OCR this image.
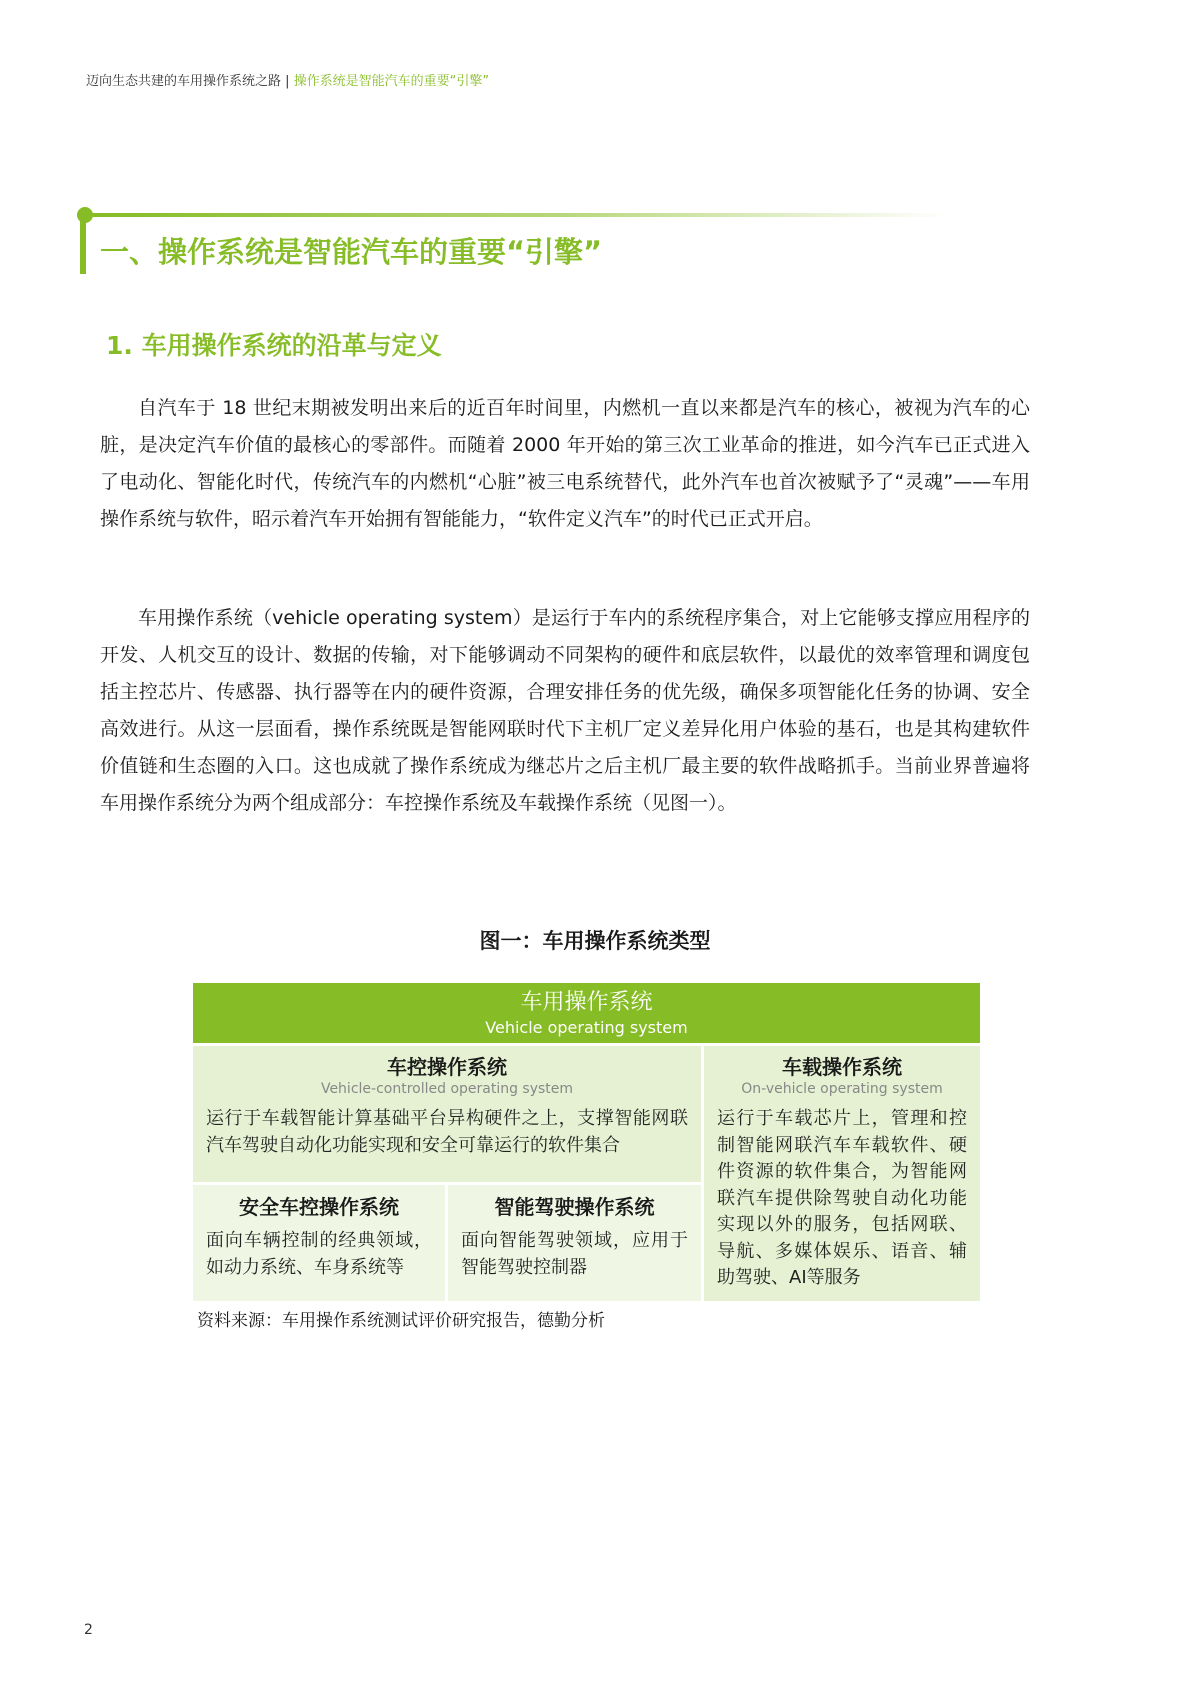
迈向生态共建的车用操作系统之路 | 操作系统是智能汽车的重要“引擎”
一、操作系统是智能汽车的重要“引擎”
1. 车用操作系统的沿革与定义

自汽车于 18 世纪末期被发明出来后的近百年时间里，内燃机一直以来都是汽车的核心，被视为汽车的心脏，是决定汽车价值的最核心的零部件。而随着 2000 年开始的第三次工业革命的推进，如今汽车已正式进入了电动化、智能化时代，传统汽车的内燃机“心脏”被三电系统替代，此外汽车也首次被赋予了“灵魂”——车用操作系统与软件，昭示着汽车开始拥有智能能力，“软件定义汽车”的时代已正式开启。

车用操作系统（vehicle operating system）是运行于车内的系统程序集合，对上它能够支撑应用程序的开发、人机交互的设计、数据的传输，对下能够调动不同架构的硬件和底层软件，以最优的效率管理和调度包括主控芯片、传感器、执行器等在内的硬件资源，合理安排任务的优先级，确保多项智能化任务的协调、安全高效进行。从这一层面看，操作系统既是智能网联时代下主机厂定义差异化用户体验的基石，也是其构建软件价值链和生态圈的入口。这也成就了操作系统成为继芯片之后主机厂最主要的软件战略抓手。当前业界普遍将车用操作系统分为两个组成部分：车控操作系统及车载操作系统（见图一）。

图一：车用操作系统类型
车用操作系统
Vehicle operating system
车控操作系统
Vehicle-controlled operating system
运行于车载智能计算基础平台异构硬件之上，支撑智能网联汽车驾驶自动化功能实现和安全可靠运行的软件集合
车载操作系统
On-vehicle operating system
运行于车载芯片上，管理和控制智能网联汽车车载软件、硬件资源的软件集合，为智能网联汽车提供除驾驶自动化功能实现以外的服务，包括网联、导航、多媒体娱乐、语音、辅助驾驶、AI等服务
安全车控操作系统
面向车辆控制的经典领域，如动力系统、车身系统等
智能驾驶操作系统
面向智能驾驶领域，应用于智能驾驶控制器
资料来源：车用操作系统测试评价研究报告，德勤分析
2
